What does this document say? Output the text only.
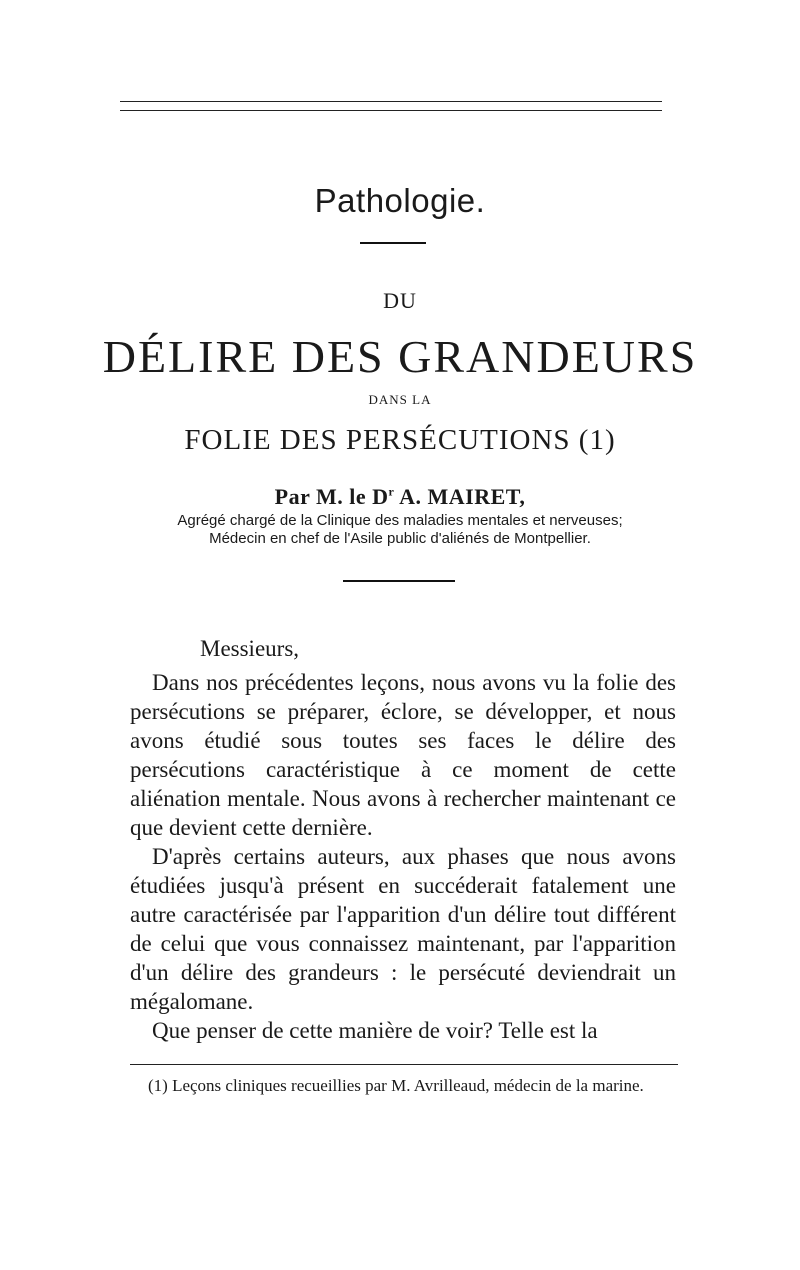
Pathologie.
DU
DÉLIRE DES GRANDEURS
DANS LA
FOLIE DES PERSÉCUTIONS (1)
Par M. le $D^r$ A. MAIRET,
Agrégé chargé de la Clinique des maladies mentales et nerveuses;
Médecin en chef de l'Asile public d'aliénés de Montpellier.
Messieurs,

Dans nos précédentes leçons, nous avons vu la folie des persécutions se préparer, éclore, se développer, et nous avons étudié sous toutes ses faces le délire des persécutions caractéristique à ce moment de cette aliénation mentale. Nous avons à rechercher maintenant ce que devient cette dernière.

D'après certains auteurs, aux phases que nous avons étudiées jusqu'à présent en succéderait fatalement une autre caractérisée par l'apparition d'un délire tout différent de celui que vous connaissez maintenant, par l'apparition d'un délire des grandeurs : le persécuté deviendrait un mégalomane.

Que penser de cette manière de voir? Telle est la

(1) Leçons cliniques recueillies par M. Avrilleaud, médecin de la marine.
